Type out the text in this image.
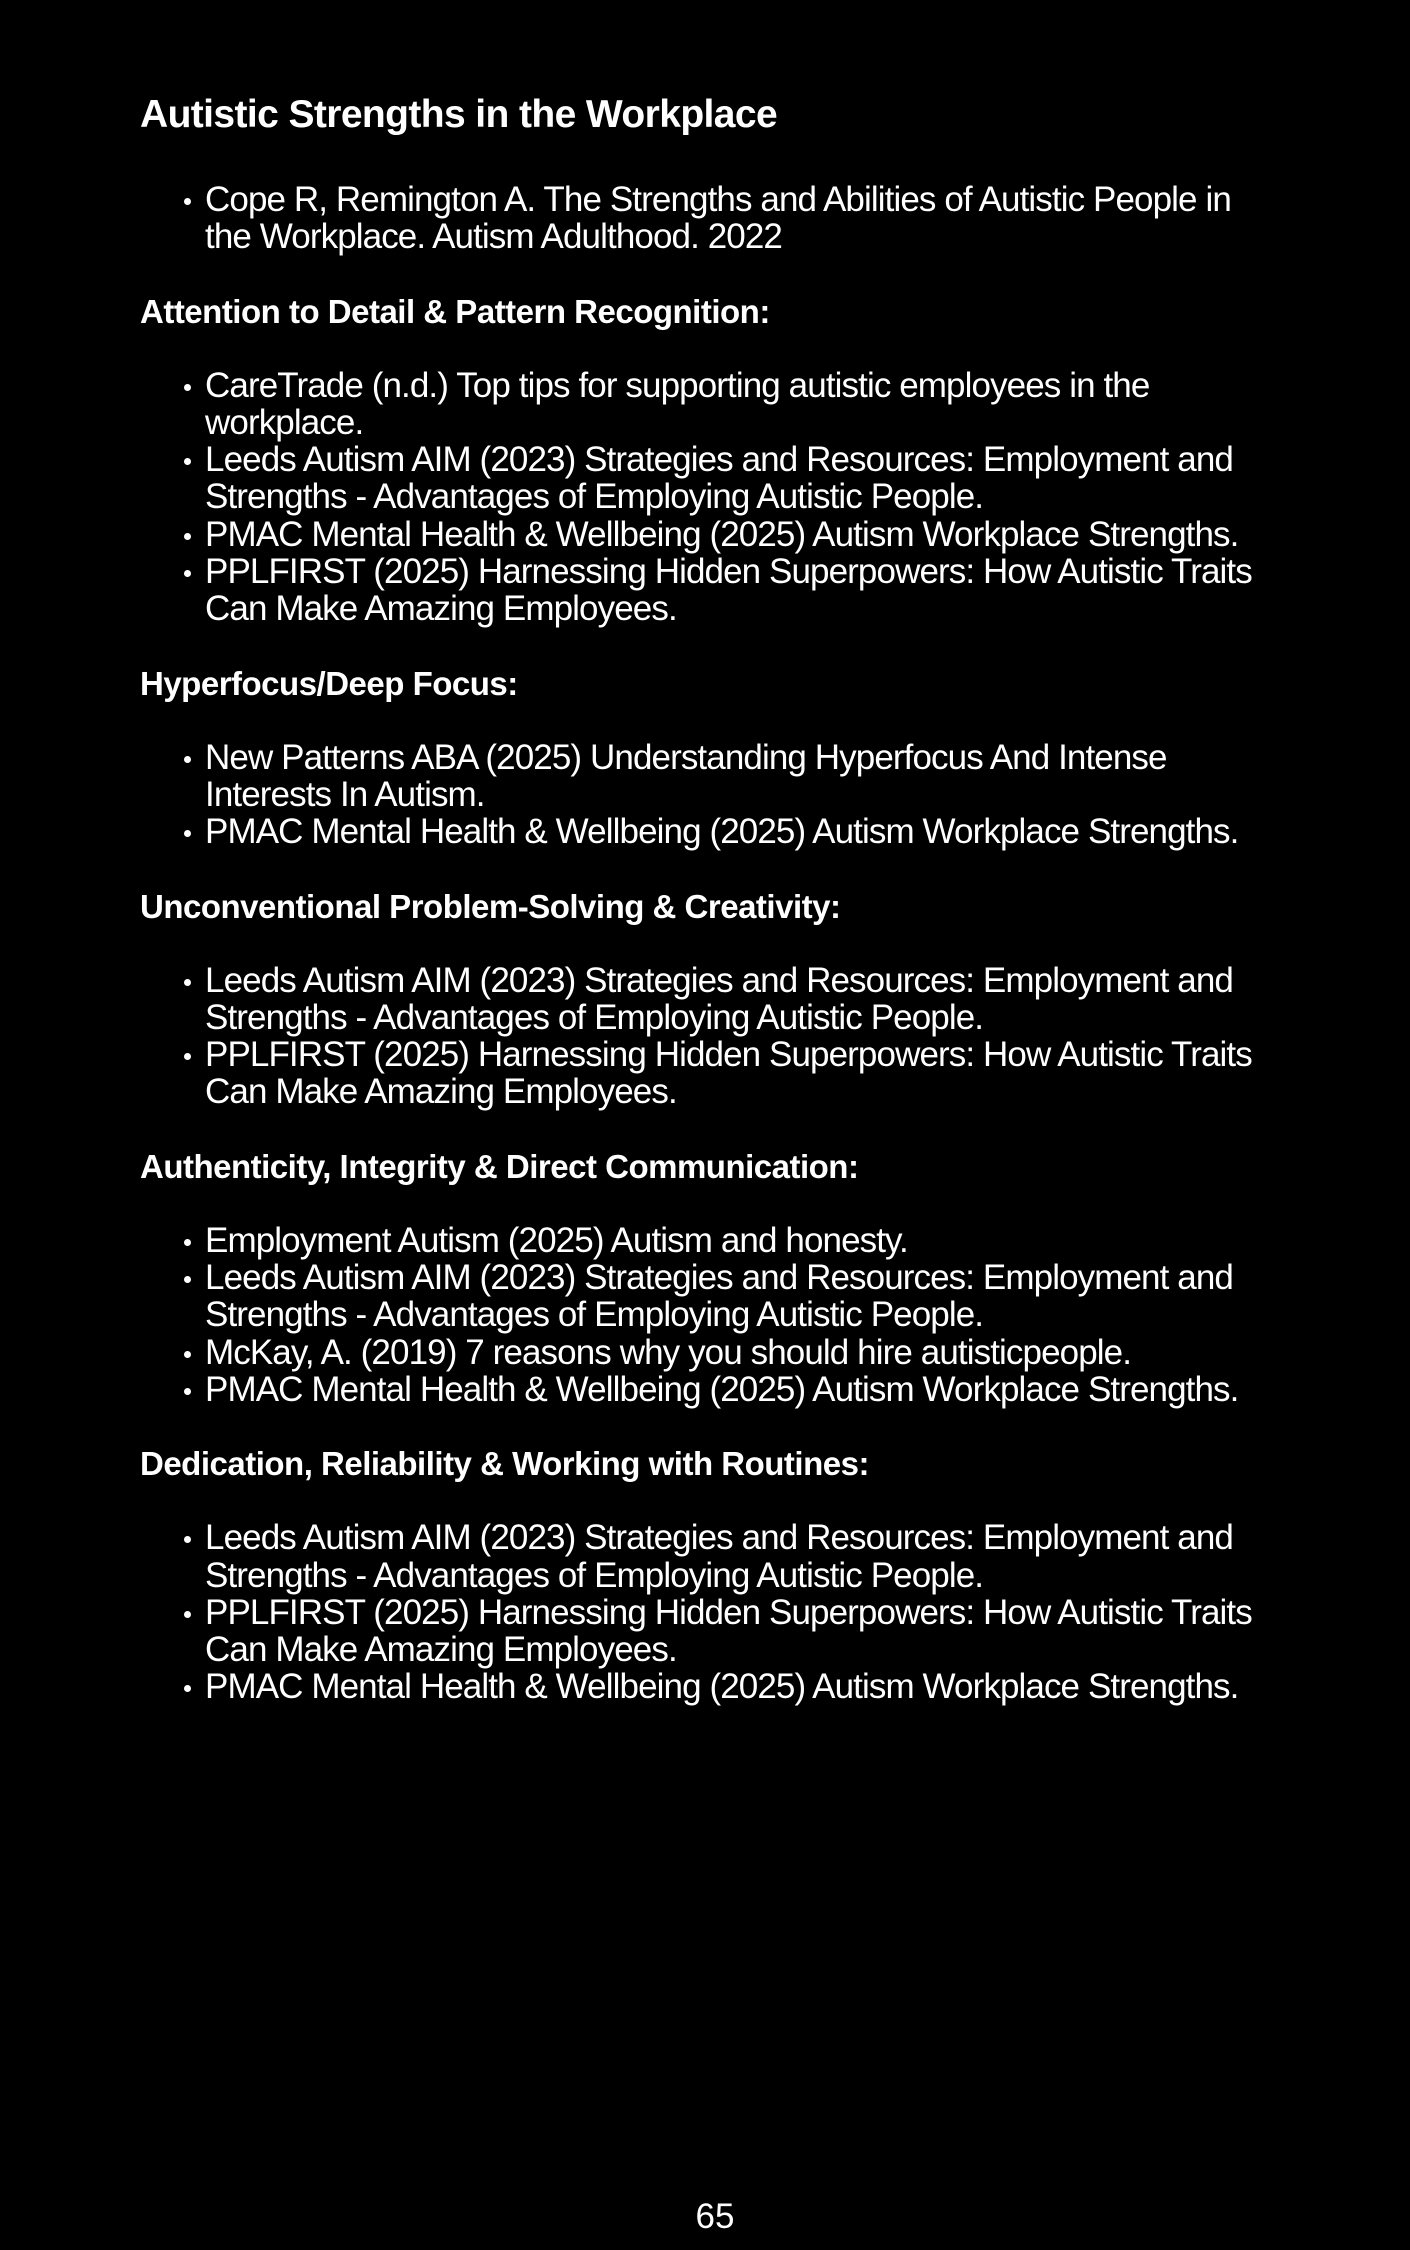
Autistic Strengths in the Workplace
Cope R, Remington A. The Strengths and Abilities of Autistic People in the Workplace. Autism Adulthood. 2022
Attention to Detail & Pattern Recognition:
CareTrade (n.d.) Top tips for supporting autistic employees in the workplace.
Leeds Autism AIM (2023) Strategies and Resources: Employment and Strengths - Advantages of Employing Autistic People.
PMAC Mental Health & Wellbeing (2025) Autism Workplace Strengths.
PPLFIRST (2025) Harnessing Hidden Superpowers: How Autistic Traits Can Make Amazing Employees.
Hyperfocus/Deep Focus:
New Patterns ABA (2025) Understanding Hyperfocus And Intense Interests In Autism.
PMAC Mental Health & Wellbeing (2025) Autism Workplace Strengths.
Unconventional Problem-Solving & Creativity:
Leeds Autism AIM (2023) Strategies and Resources: Employment and Strengths - Advantages of Employing Autistic People.
PPLFIRST (2025) Harnessing Hidden Superpowers: How Autistic Traits Can Make Amazing Employees.
Authenticity, Integrity & Direct Communication:
Employment Autism (2025) Autism and honesty.
Leeds Autism AIM (2023) Strategies and Resources: Employment and Strengths - Advantages of Employing Autistic People.
McKay, A. (2019) 7 reasons why you should hire autisticpeople.
PMAC Mental Health & Wellbeing (2025) Autism Workplace Strengths.
Dedication, Reliability & Working with Routines:
Leeds Autism AIM (2023) Strategies and Resources: Employment and Strengths - Advantages of Employing Autistic People.
PPLFIRST (2025) Harnessing Hidden Superpowers: How Autistic Traits Can Make Amazing Employees.
PMAC Mental Health & Wellbeing (2025) Autism Workplace Strengths.
65
